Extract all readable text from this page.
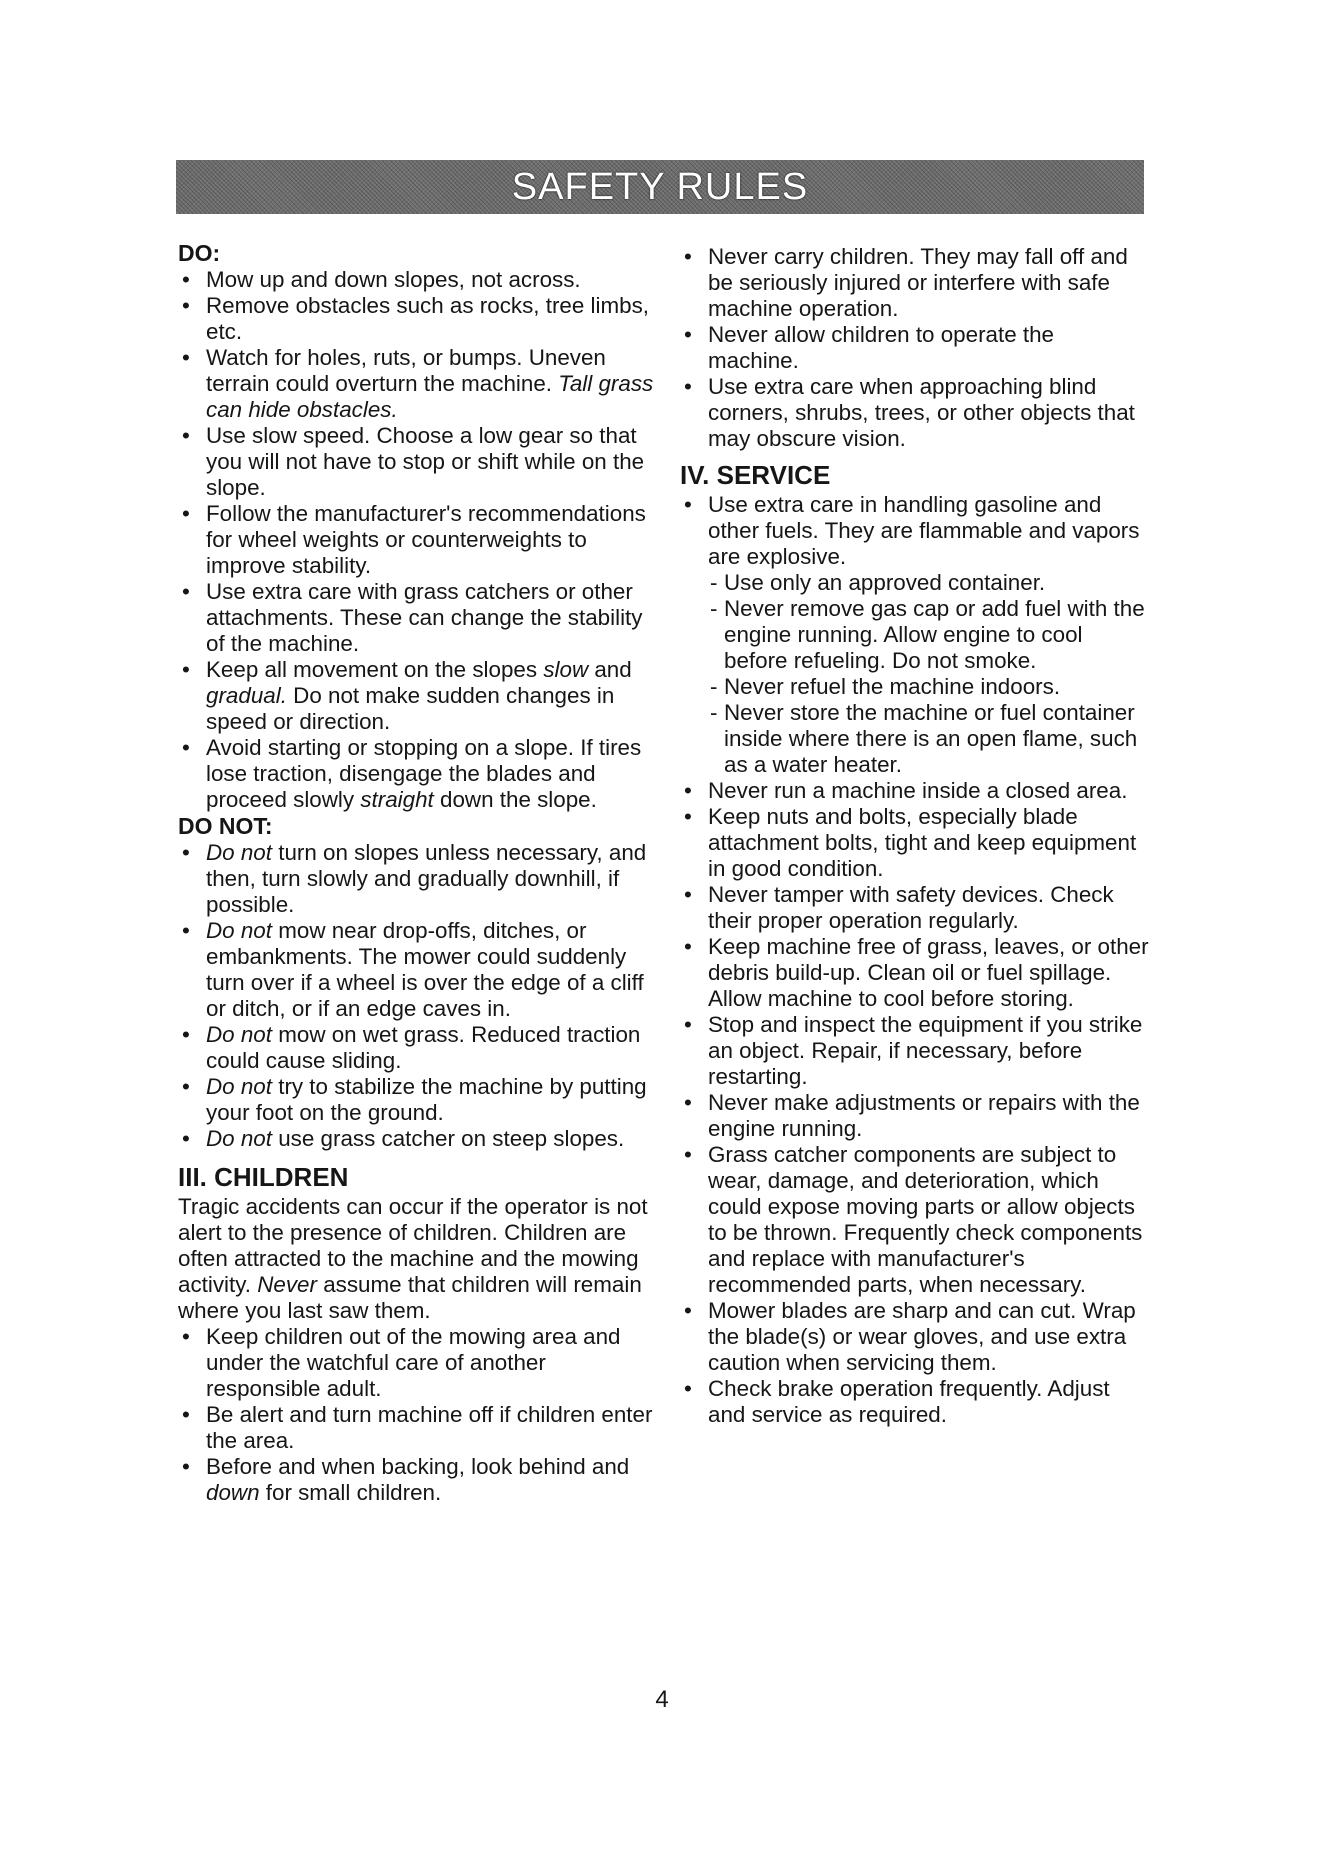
SAFETY RULES
DO:
• Mow up and down slopes, not across.
• Remove obstacles such as rocks, tree limbs, etc.
• Watch for holes, ruts, or bumps. Uneven terrain could overturn the machine. Tall grass can hide obstacles.
• Use slow speed. Choose a low gear so that you will not have to stop or shift while on the slope.
• Follow the manufacturer's recommendations for wheel weights or counterweights to improve stability.
• Use extra care with grass catchers or other attachments. These can change the stability of the machine.
• Keep all movement on the slopes slow and gradual. Do not make sudden changes in speed or direction.
• Avoid starting or stopping on a slope. If tires lose traction, disengage the blades and proceed slowly straight down the slope.
DO NOT:
• Do not turn on slopes unless necessary, and then, turn slowly and gradually downhill, if possible.
• Do not mow near drop-offs, ditches, or embankments. The mower could suddenly turn over if a wheel is over the edge of a cliff or ditch, or if an edge caves in.
• Do not mow on wet grass. Reduced traction could cause sliding.
• Do not try to stabilize the machine by putting your foot on the ground.
• Do not use grass catcher on steep slopes.
III. CHILDREN

Tragic accidents can occur if the operator is not alert to the presence of children. Children are often attracted to the machine and the mowing activity. Never assume that children will remain where you last saw them.

• Keep children out of the mowing area and under the watchful care of another responsible adult.
• Be alert and turn machine off if children enter the area.
• Before and when backing, look behind and down for small children.
• Never carry children. They may fall off and be seriously injured or interfere with safe machine operation.
• Never allow children to operate the machine.
• Use extra care when approaching blind corners, shrubs, trees, or other objects that may obscure vision.
IV. SERVICE
• Use extra care in handling gasoline and other fuels. They are flammable and vapors are explosive.
- Use only an approved container.
- Never remove gas cap or add fuel with the engine running. Allow engine to cool before refueling. Do not smoke.
- Never refuel the machine indoors.
- Never store the machine or fuel container inside where there is an open flame, such as a water heater.
• Never run a machine inside a closed area.
• Keep nuts and bolts, especially blade attachment bolts, tight and keep equipment in good condition.
• Never tamper with safety devices. Check their proper operation regularly.
• Keep machine free of grass, leaves, or other debris build-up. Clean oil or fuel spillage. Allow machine to cool before storing.
• Stop and inspect the equipment if you strike an object. Repair, if necessary, before restarting.
• Never make adjustments or repairs with the engine running.
• Grass catcher components are subject to wear, damage, and deterioration, which could expose moving parts or allow objects to be thrown. Frequently check components and replace with manufacturer's recommended parts, when necessary.
• Mower blades are sharp and can cut. Wrap the blade(s) or wear gloves, and use extra caution when servicing them.
• Check brake operation frequently. Adjust and service as required.
4
